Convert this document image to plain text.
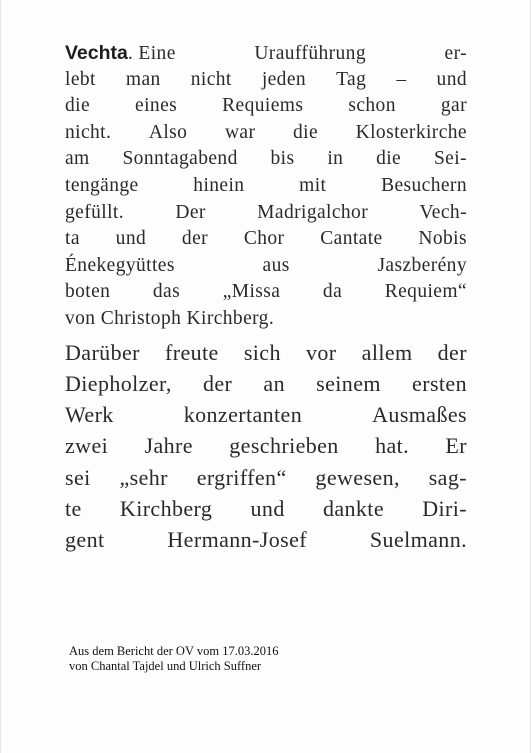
Vechta. Eine	Uraufführung	er-
lebt man nicht jeden Tag – und
die eines Requiems schon gar
nicht. Also war die Klosterkirche
am Sonntagabend bis in die Sei-
tengänge	hinein	mit	Besuchern
gefüllt.	Der	Madrigalchor	Vech-
ta und der Chor Cantate Nobis
Énekegyüttes	aus	Jaszberény
boten das „Missa da Requiem“
von Christoph Kirchberg.
Darüber freute sich vor allem der
Diepholzer, der an seinem ersten
Werk	konzertanten	Ausmaßes
zwei Jahre geschrieben hat. Er
sei „sehr ergriffen“ gewesen, sag-
te Kirchberg und dankte Diri-
gent	Hermann-Josef	Suelmann.
Aus dem Bericht der OV vom 17.03.2016
von Chantal Tajdel und Ulrich Suffner
